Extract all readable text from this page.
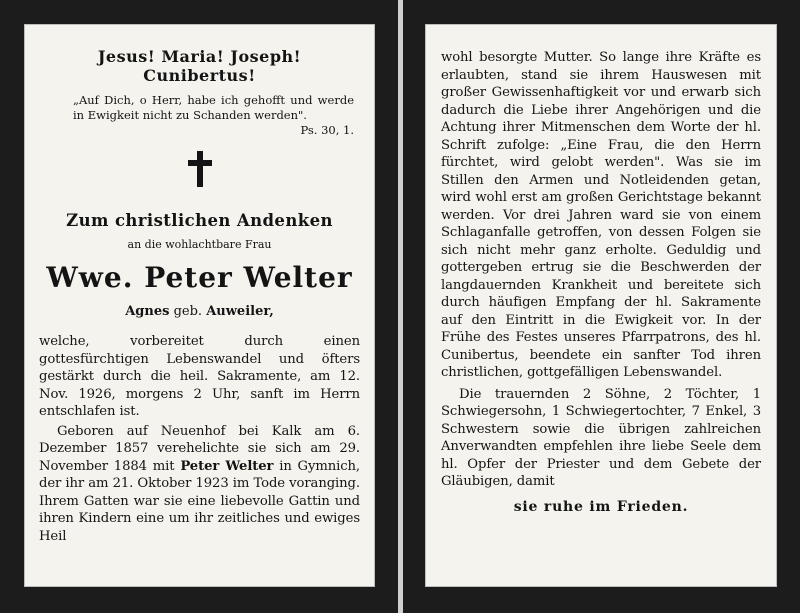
Jesus! Maria! Joseph! Cunibertus!
„Auf Dich, o Herr, habe ich gehofft und werde in Ewigkeit nicht zu Schanden werden".
Ps. 30, 1.
Zum christlichen Andenken
an die wohlachtbare Frau
Wwe. Peter Welter
Agnes geb. Auweiler,

welche, vorbereitet durch einen gottesfürchtigen Lebenswandel und öfters gestärkt durch die heil. Sakramente, am 12. Nov. 1926, morgens 2 Uhr, sanft im Herrn entschlafen ist.

Geboren auf Neuenhof bei Kalk am 6. Dezember 1857 verehelichte sie sich am 29. November 1884 mit Peter Welter in Gymnich, der ihr am 21. Oktober 1923 im Tode voranging. Ihrem Gatten war sie eine liebevolle Gattin und ihren Kindern eine um ihr zeitliches und ewiges Heil

wohl besorgte Mutter. So lange ihre Kräfte es erlaubten, stand sie ihrem Hauswesen mit großer Gewissenhaftigkeit vor und erwarb sich dadurch die Liebe ihrer Angehörigen und die Achtung ihrer Mitmenschen dem Worte der hl. Schrift zufolge: „Eine Frau, die den Herrn fürchtet, wird gelobt werden". Was sie im Stillen den Armen und Notleidenden getan, wird wohl erst am großen Gerichtstage bekannt werden. Vor drei Jahren ward sie von einem Schlaganfalle getroffen, von dessen Folgen sie sich nicht mehr ganz erholte. Geduldig und gottergeben ertrug sie die Beschwerden der langdauernden Krankheit und bereitete sich durch häufigen Empfang der hl. Sakramente auf den Eintritt in die Ewigkeit vor. In der Frühe des Festes unseres Pfarrpatrons, des hl. Cunibertus, beendete ein sanfter Tod ihren christlichen, gottgefälligen Lebenswandel.

Die trauernden 2 Söhne, 2 Töchter, 1 Schwiegersohn, 1 Schwiegertochter, 7 Enkel, 3 Schwestern sowie die übrigen zahlreichen Anverwandten empfehlen ihre liebe Seele dem hl. Opfer der Priester und dem Gebete der Gläubigen, damit

sie ruhe im Frieden.
